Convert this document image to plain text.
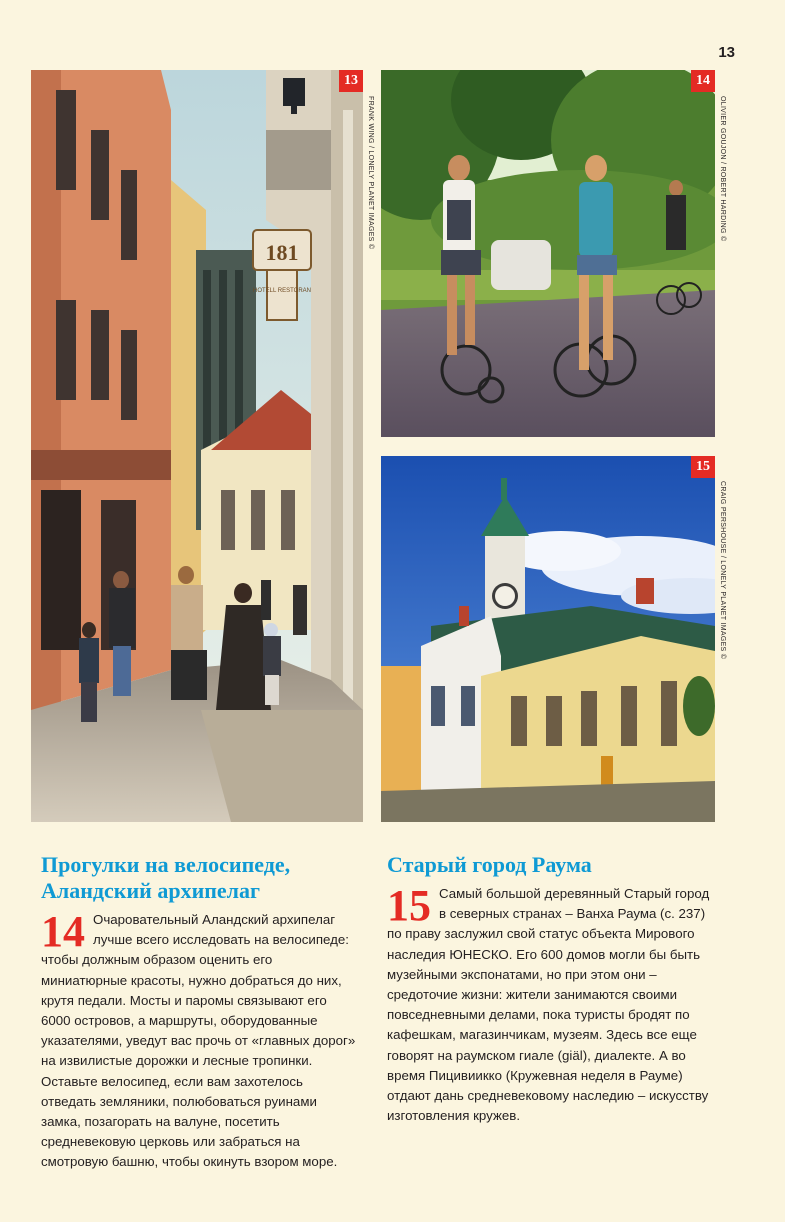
13
181
HOTELL RESTORAN
13
FRANK WING / LONELY PLANET IMAGES ©
14
OLIVIER GOUJON / ROBERT HARDING ©
15
CRAIG PERSHOUSE / LONELY PLANET IMAGES ©
Прогулки на велосипеде, Аландский архипелаг

14 Очаровательный Аландский архипелаг лучше всего исследовать на велосипеде: чтобы должным образом оценить его миниатюрные красоты, нужно добраться до них, крутя педали. Мосты и паромы связывают его 6000 островов, а маршруты, оборудованные указателями, уведут вас прочь от «главных дорог» на извилистые дорожки и лесные тропинки. Оставьте велосипед, если вам захотелось отведать земляники, полюбоваться руинами замка, позагорать на валуне, посетить средневековую церковь или забраться на смотровую башню, чтобы окинуть взором море.

Старый город Раума

15 Самый большой деревянный Старый город в северных странах – Ванха Раума (с. 237) по праву заслужил свой статус объекта Мирового наследия ЮНЕСКО. Его 600 домов могли бы быть музейными экспонатами, но при этом они – средоточие жизни: жители занимаются своими повседневными делами, пока туристы бродят по кафешкам, магазинчикам, музеям. Здесь все еще говорят на раумском гиале (giäl), диалекте. А во время Пицивиикко (Кружевная неделя в Рауме) отдают дань средневековому наследию – искусству изготовления кружев.
